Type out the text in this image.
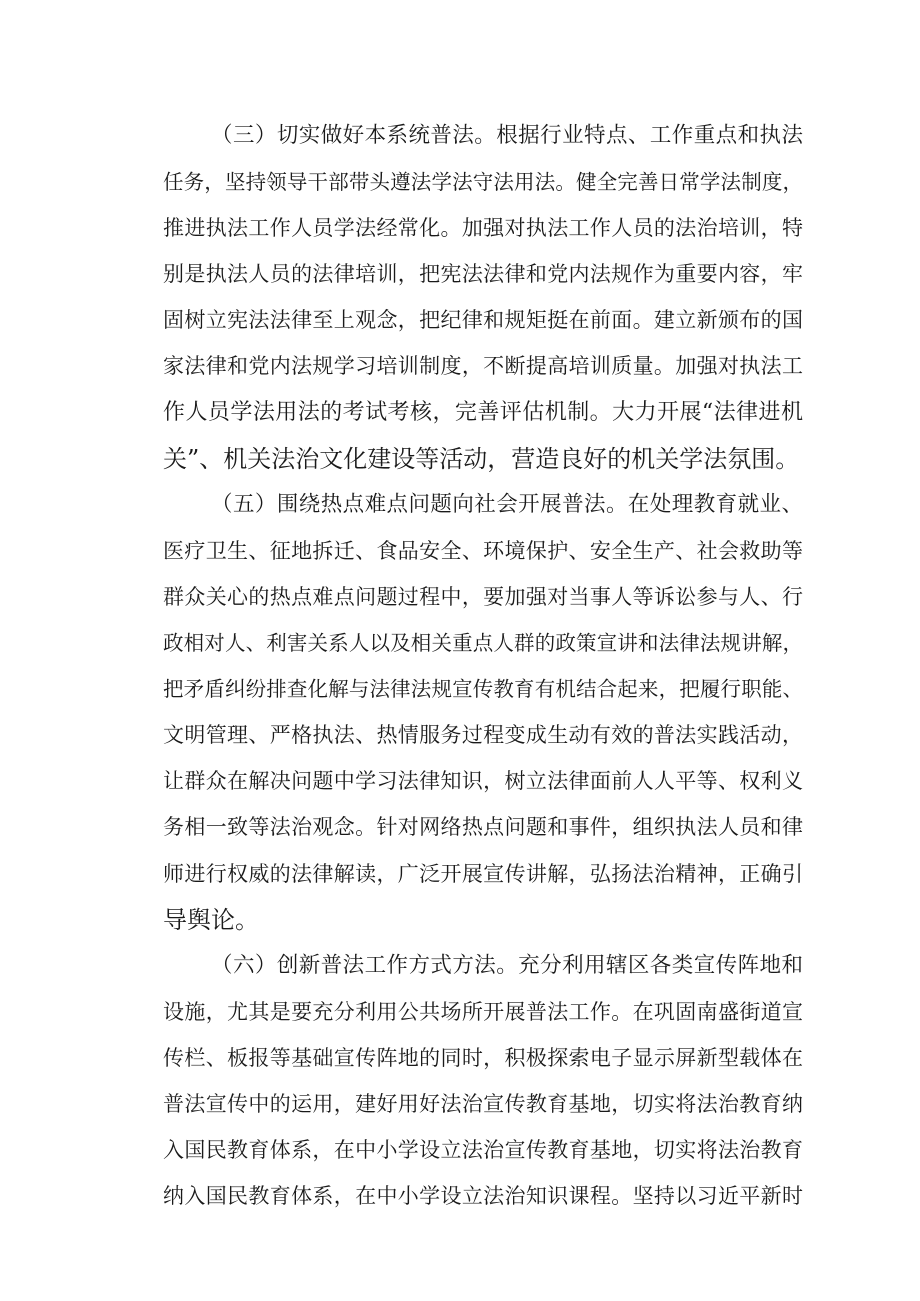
（三）切实做好本系统普法。根据行业特点、工作重点和执法
任务，坚持领导干部带头遵法学法守法用法。健全完善日常学法制度，
推进执法工作人员学法经常化。加强对执法工作人员的法治培训，特
别是执法人员的法律培训，把宪法法律和党内法规作为重要内容，牢
固树立宪法法律至上观念，把纪律和规矩挺在前面。建立新颁布的国
家法律和党内法规学习培训制度，不断提高培训质量。加强对执法工
作人员学法用法的考试考核，完善评估机制。大力开展“法律进机
关”、机关法治文化建设等活动，营造良好的机关学法氛围。
（五）围绕热点难点问题向社会开展普法。在处理教育就业、
医疗卫生、征地拆迁、食品安全、环境保护、安全生产、社会救助等
群众关心的热点难点问题过程中，要加强对当事人等诉讼参与人、行
政相对人、利害关系人以及相关重点人群的政策宣讲和法律法规讲解，
把矛盾纠纷排查化解与法律法规宣传教育有机结合起来，把履行职能、
文明管理、严格执法、热情服务过程变成生动有效的普法实践活动，
让群众在解决问题中学习法律知识，树立法律面前人人平等、权利义
务相一致等法治观念。针对网络热点问题和事件，组织执法人员和律
师进行权威的法律解读，广泛开展宣传讲解，弘扬法治精神，正确引
导舆论。
（六）创新普法工作方式方法。充分利用辖区各类宣传阵地和
设施，尤其是要充分利用公共场所开展普法工作。在巩固南盛街道宣
传栏、板报等基础宣传阵地的同时，积极探索电子显示屏新型载体在
普法宣传中的运用，建好用好法治宣传教育基地，切实将法治教育纳
入国民教育体系，在中小学设立法治宣传教育基地，切实将法治教育
纳入国民教育体系，在中小学设立法治知识课程。坚持以习近平新时
